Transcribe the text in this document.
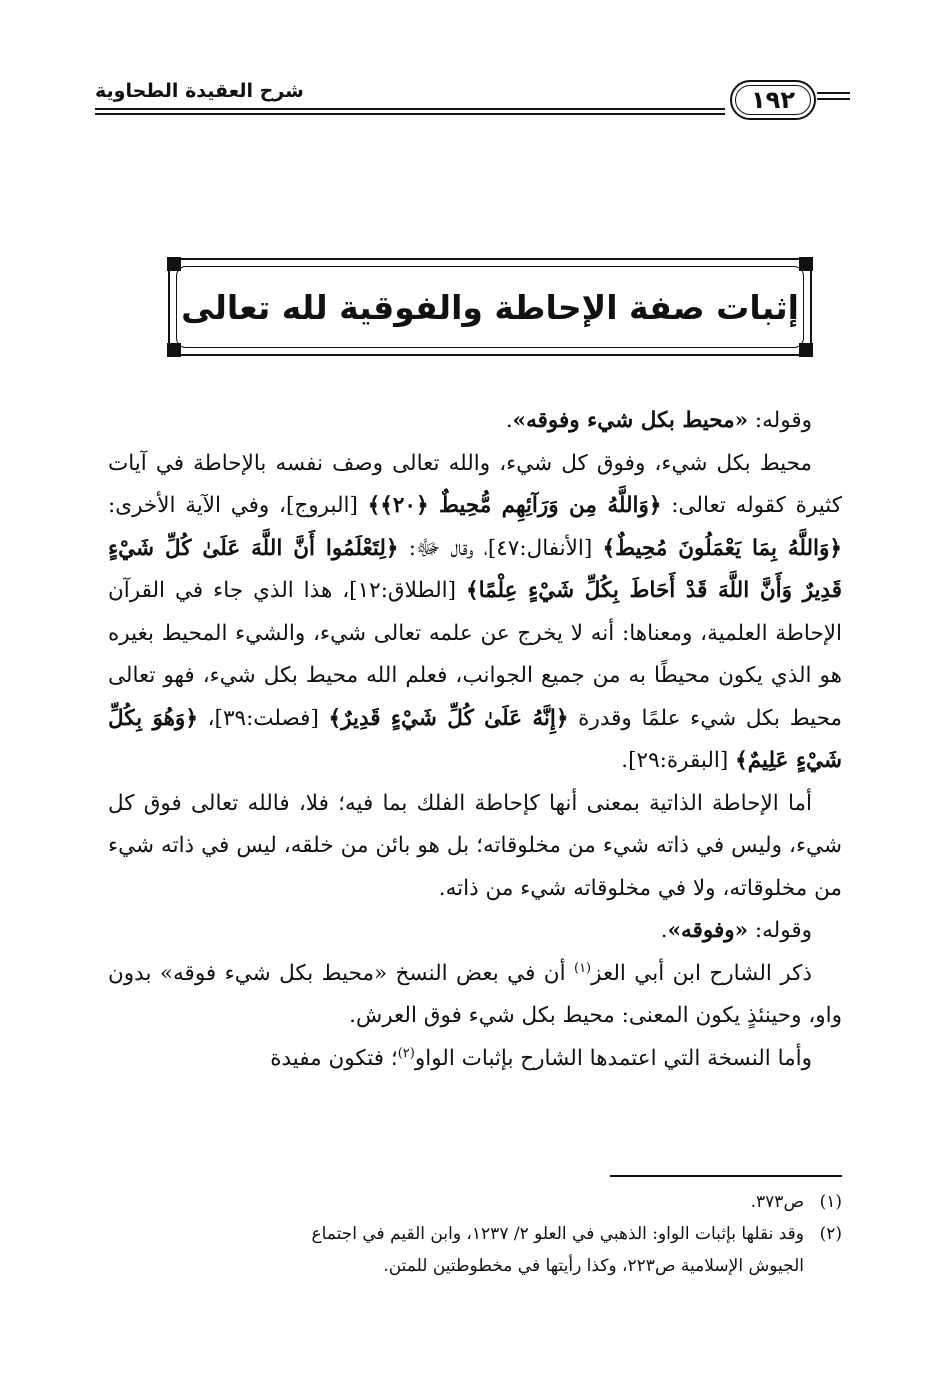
شرح العقيدة الطحاوية	١٩٢
إثبات صفة الإحاطة والفوقية لله تعالى

وقوله: «محيط بكل شيء وفوقه».

محيط بكل شيء، وفوق كل شيء، والله تعالى وصف نفسه بالإحاطة في آيات كثيرة كقوله تعالى: ﴿وَاللَّهُ مِن وَرَآئِهِم مُّحِيطٌ ﴿٢٠﴾﴾ [البروج]، وفي الآية الأخرى: ﴿وَاللَّهُ بِمَا يَعْمَلُونَ مُحِيطٌ﴾ [الأنفال:٤٧]، وقال ﷻ: ﴿لِتَعْلَمُوا أَنَّ اللَّهَ عَلَىٰ كُلِّ شَيْءٍ قَدِيرٌ وَأَنَّ اللَّهَ قَدْ أَحَاطَ بِكُلِّ شَيْءٍ عِلْمًا﴾ [الطلاق:١٢]، هذا الذي جاء في القرآن الإحاطة العلمية، ومعناها: أنه لا يخرج عن علمه تعالى شيء، والشيء المحيط بغيره هو الذي يكون محيطًا به من جميع الجوانب، فعلم الله محيط بكل شيء، فهو تعالى محيط بكل شيء علمًا وقدرة ﴿إِنَّهُ عَلَىٰ كُلِّ شَيْءٍ قَدِيرٌ﴾ [فصلت:٣٩]، ﴿وَهُوَ بِكُلِّ شَيْءٍ عَلِيمٌ﴾ [البقرة:٢٩].

أما الإحاطة الذاتية بمعنى أنها كإحاطة الفلك بما فيه؛ فلا، فالله تعالى فوق كل شيء، وليس في ذاته شيء من مخلوقاته؛ بل هو بائن من خلقه، ليس في ذاته شيء من مخلوقاته، ولا في مخلوقاته شيء من ذاته.

وقوله: «وفوقه».

ذكر الشارح ابن أبي العز$^{(١)}$ أن في بعض النسخ «محيط بكل شيء فوقه» بدون واو، وحينئذٍ يكون المعنى: محيط بكل شيء فوق العرش.

وأما النسخة التي اعتمدها الشارح بإثبات الواو$^{(٢)}$؛ فتكون مفيدة

(١)ص٣٧٣.

(٢)وقد نقلها بإثبات الواو: الذهبي في العلو ٢/ ١٢٣٧، وابن القيم في اجتماع

الجيوش الإسلامية ص٢٢٣، وكذا رأيتها في مخطوطتين للمتن.
